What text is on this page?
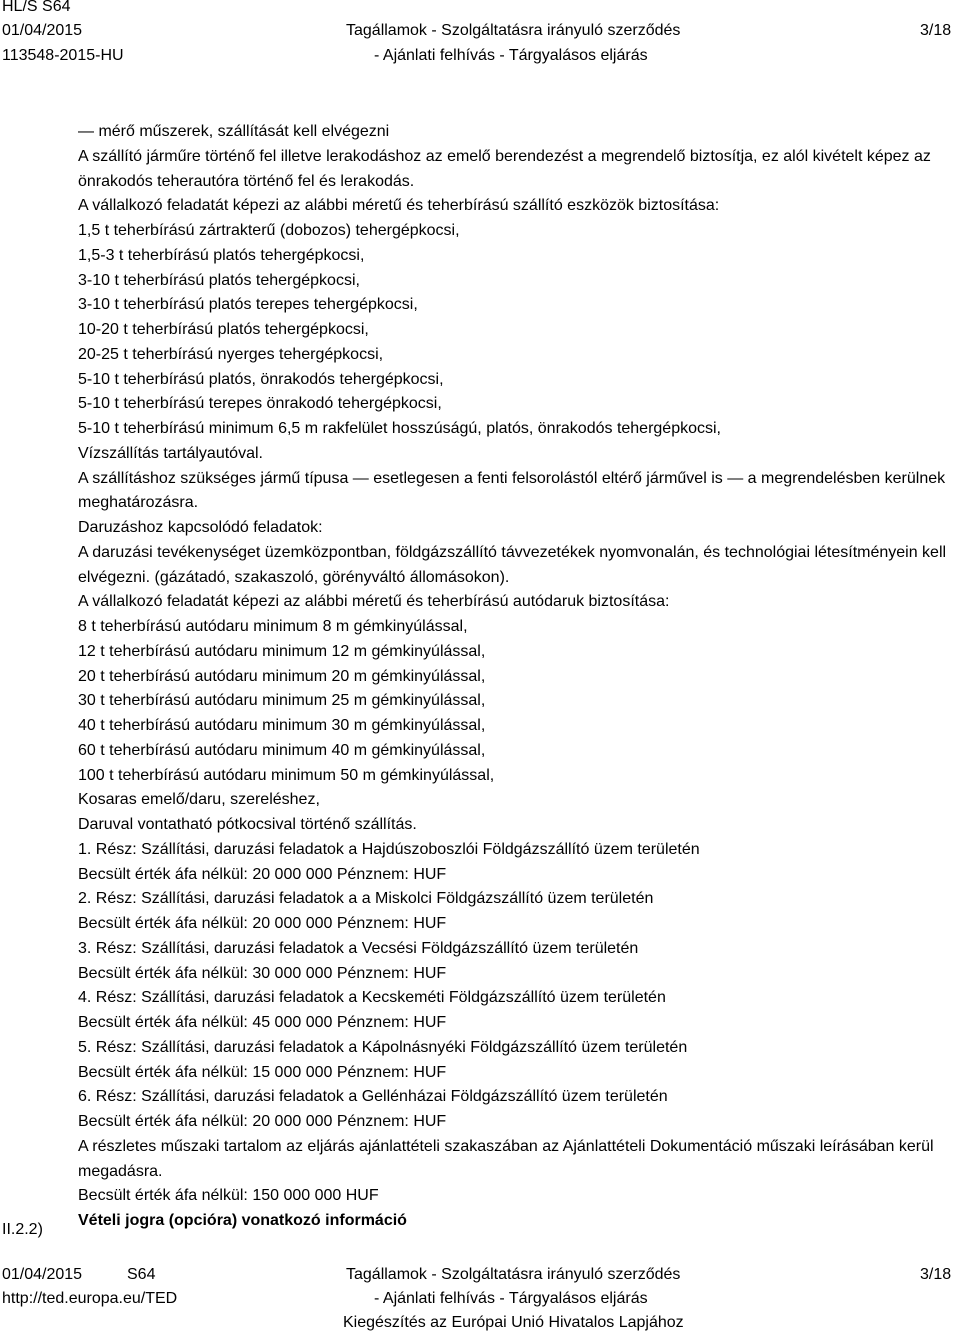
HL/S S64
01/04/2015
113548-2015-HU
Tagállamok - Szolgáltatásra irányuló szerződés
- Ajánlati felhívás - Tárgyalásos eljárás
3/18

— mérő műszerek, szállítását kell elvégezni

A szállító járműre történő fel illetve lerakodáshoz az emelő berendezést a megrendelő biztosítja, ez alól kivételt képez az önrakodós teherautóra történő fel és lerakodás.

A vállalkozó feladatát képezi az alábbi méretű és teherbírású szállító eszközök biztosítása:

1,5 t teherbírású zártrakterű (dobozos) tehergépkocsi,

1,5-3 t teherbírású platós tehergépkocsi,

3-10 t teherbírású platós tehergépkocsi,

3-10 t teherbírású platós terepes tehergépkocsi,

10-20 t teherbírású platós tehergépkocsi,

20-25 t teherbírású nyerges tehergépkocsi,

5-10 t teherbírású platós, önrakodós tehergépkocsi,

5-10 t teherbírású terepes önrakodó tehergépkocsi,

5-10 t teherbírású minimum 6,5 m rakfelület hosszúságú, platós, önrakodós tehergépkocsi,

Vízszállítás tartályautóval.

A szállításhoz szükséges jármű típusa — esetlegesen a fenti felsorolástól eltérő járművel is — a megrendelésben kerülnek meghatározásra.

Daruzáshoz kapcsolódó feladatok:

A daruzási tevékenységet üzemközpontban, földgázszállító távvezetékek nyomvonalán, és technológiai létesítményein kell elvégezni. (gázátadó, szakaszoló, görényváltó állomásokon).

A vállalkozó feladatát képezi az alábbi méretű és teherbírású autódaruk biztosítása:

8 t teherbírású autódaru minimum 8 m gémkinyúlással,

12 t teherbírású autódaru minimum 12 m gémkinyúlással,

20 t teherbírású autódaru minimum 20 m gémkinyúlással,

30 t teherbírású autódaru minimum 25 m gémkinyúlással,

40 t teherbírású autódaru minimum 30 m gémkinyúlással,

60 t teherbírású autódaru minimum 40 m gémkinyúlással,

100 t teherbírású autódaru minimum 50 m gémkinyúlással,

Kosaras emelő/daru, szereléshez,

Daruval vontatható pótkocsival történő szállítás.

1. Rész: Szállítási, daruzási feladatok a Hajdúszoboszlói Földgázszállító üzem területén

Becsült érték áfa nélkül: 20 000 000 Pénznem: HUF

2. Rész: Szállítási, daruzási feladatok a a Miskolci Földgázszállító üzem területén

Becsült érték áfa nélkül: 20 000 000 Pénznem: HUF

3. Rész: Szállítási, daruzási feladatok a Vecsési Földgázszállító üzem területén

Becsült érték áfa nélkül: 30 000 000 Pénznem: HUF

4. Rész: Szállítási, daruzási feladatok a Kecskeméti Földgázszállító üzem területén

Becsült érték áfa nélkül: 45 000 000 Pénznem: HUF

5. Rész: Szállítási, daruzási feladatok a Kápolnásnyéki Földgázszállító üzem területén

Becsült érték áfa nélkül: 15 000 000 Pénznem: HUF

6. Rész: Szállítási, daruzási feladatok a Gellénházai Földgázszállító üzem területén

Becsült érték áfa nélkül: 20 000 000 Pénznem: HUF

A részletes műszaki tartalom az eljárás ajánlattételi szakaszában az Ajánlattételi Dokumentáció műszaki leírásában kerül megadásra.

Becsült érték áfa nélkül: 150 000 000 HUF

Vételi jogra (opcióra) vonatkozó információ

II.2.2)
01/04/2015	S64
http://ted.europa.eu/TED
Tagállamok - Szolgáltatásra irányuló szerződés
- Ajánlati felhívás - Tárgyalásos eljárás
Kiegészítés az Európai Unió Hivatalos Lapjához
3/18
